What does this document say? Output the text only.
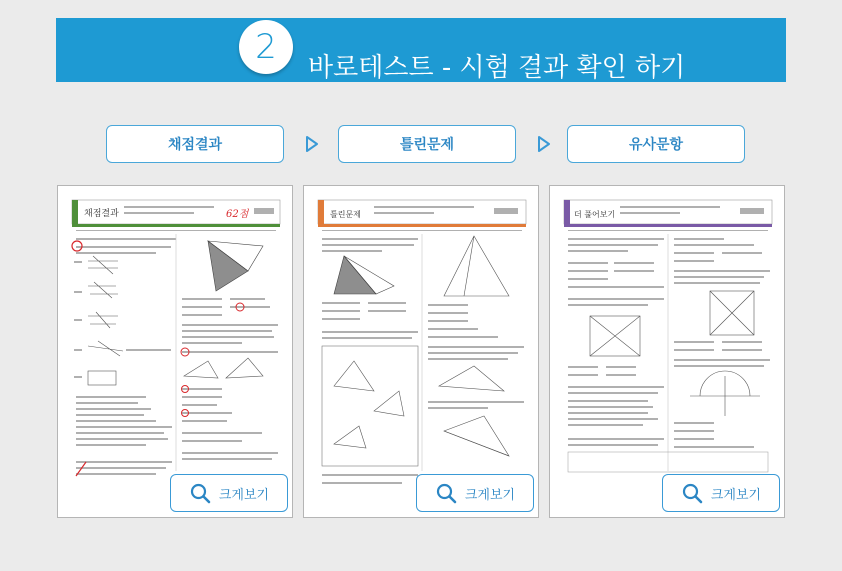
2
바로테스트 - 시험 결과 확인 하기
채점결과	틀린문제	유사문항
채점결과	62점
크게보기
틀린문제
크게보기
더 풀어보기
크게보기
